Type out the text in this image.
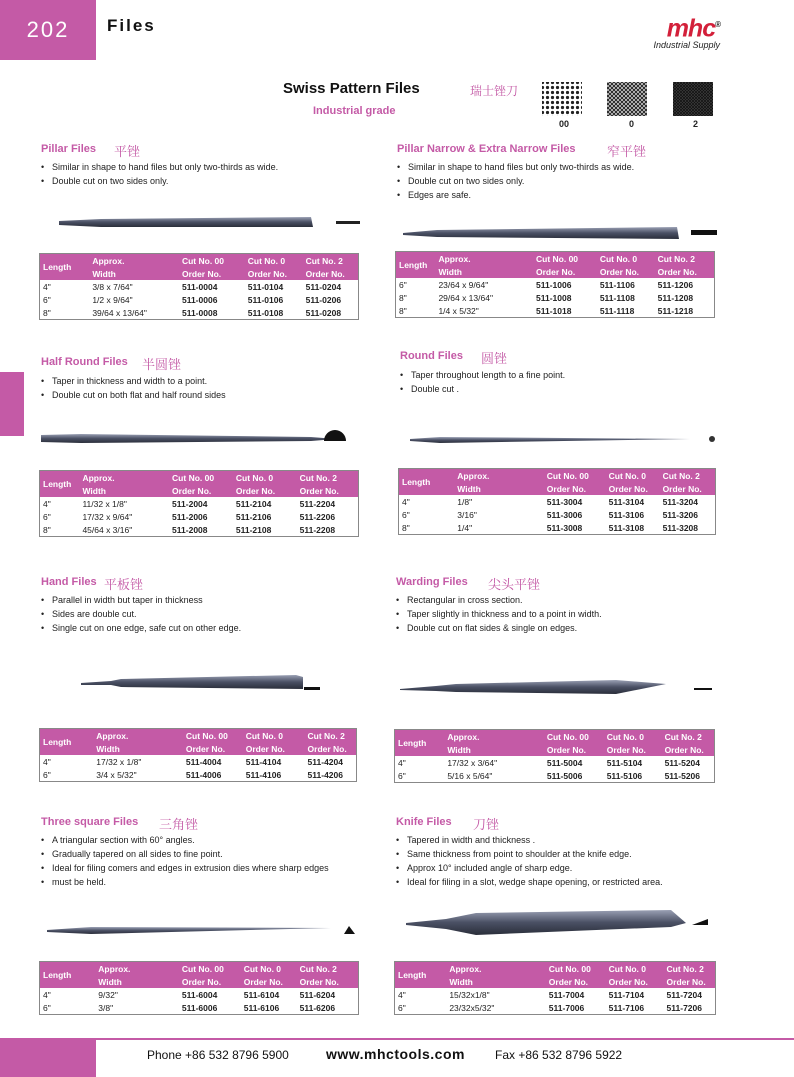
202	Files	mhc®
Industrial Supply
Swiss Pattern Files	瑞士锉刀
Industrial grade
00	0	2
Pillar Files 平锉
• Similar in shape to hand files but only two-thirds as wide.
• Double cut on two sides only.
Length	Approx.	Cut No. 00	Cut No. 0	Cut No. 2
	Width	Order No.	Order No.	Order No.
4"	3/8 x 7/64"	511-0004	511-0104	511-0204
6"	1/2 x 9/64"	511-0006	511-0106	511-0206
8"	39/64 x 13/64"	511-0008	511-0108	511-0208
Pillar Narrow & Extra Narrow Files 窄平锉
• Similar in shape to hand files but only two-thirds as wide.
• Double cut on two sides only.
• Edges are safe.
Length	Approx.	Cut No. 00	Cut No. 0	Cut No. 2
	Width	Order No.	Order No.	Order No.
6"	23/64 x 9/64"	511-1006	511-1106	511-1206
8"	29/64 x 13/64"	511-1008	511-1108	511-1208
8"	1/4 x 5/32"	511-1018	511-1118	511-1218
Half Round Files 半圆锉
• Taper in thickness and width to a point.
• Double cut on both flat and half round sides
Length	Approx.	Cut No. 00	Cut No. 0	Cut No. 2
	Width	Order No.	Order No.	Order No.
4"	11/32 x 1/8"	511-2004	511-2104	511-2204
6"	17/32 x 9/64"	511-2006	511-2106	511-2206
8"	45/64 x 3/16"	511-2008	511-2108	511-2208
Round Files 圆锉
• Taper throughout length to a fine point.
• Double cut .
Length	Approx.	Cut No. 00	Cut No. 0	Cut No. 2
	Width	Order No.	Order No.	Order No.
4"	1/8"	511-3004	511-3104	511-3204
6"	3/16"	511-3006	511-3106	511-3206
8"	1/4"	511-3008	511-3108	511-3208
Hand Files 平板锉
• Parallel in width but taper in thickness
• Sides are double cut.
• Single cut on one edge, safe cut on other edge.
Length	Approx.	Cut No. 00	Cut No. 0	Cut No. 2
	Width	Order No.	Order No.	Order No.
4"	17/32 x 1/8"	511-4004	511-4104	511-4204
6"	3/4 x 5/32"	511-4006	511-4106	511-4206
Warding Files 尖头平锉
• Rectangular in cross section.
• Taper slightly in thickness and to a point in width.
• Double cut on flat sides & single on edges.
Length	Approx.	Cut No. 00	Cut No. 0	Cut No. 2
	Width	Order No.	Order No.	Order No.
4"	17/32 x 3/64"	511-5004	511-5104	511-5204
6"	5/16 x 5/64"	511-5006	511-5106	511-5206
Three square Files 三角锉
• A triangular section with 60° angles.
• Gradually tapered on all sides to fine point.
• Ideal for filing comers and edges in extrusion dies where sharp edges
• must be held.
Length	Approx.	Cut No. 00	Cut No. 0	Cut No. 2
	Width	Order No.	Order No.	Order No.
4"	9/32"	511-6004	511-6104	511-6204
6"	3/8"	511-6006	511-6106	511-6206
Knife Files 刀锉
• Tapered in width and thickness .
• Same thickness from point to shoulder at the knife edge.
• Approx 10° included angle of sharp edge.
• Ideal for filing in a slot, wedge shape opening, or restricted area.
Length	Approx.	Cut No. 00	Cut No. 0	Cut No. 2
	Width	Order No.	Order No.	Order No.
4"	15/32x1/8"	511-7004	511-7104	511-7204
6"	23/32x5/32"	511-7006	511-7106	511-7206
Phone +86 532 8796 5900	www.mhctools.com	Fax +86 532 8796 5922
